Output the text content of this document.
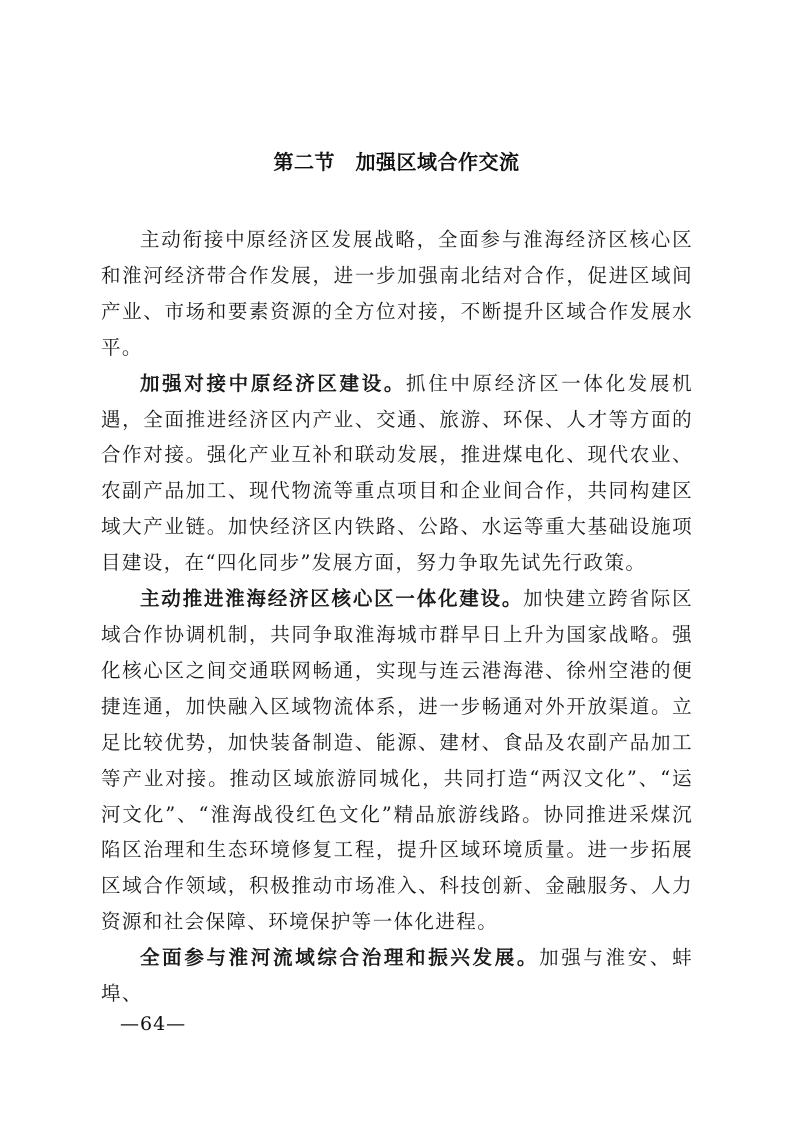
第二节　加强区域合作交流

主动衔接中原经济区发展战略，全面参与淮海经济区核心区和淮河经济带合作发展，进一步加强南北结对合作，促进区域间产业、市场和要素资源的全方位对接，不断提升区域合作发展水平。

加强对接中原经济区建设。抓住中原经济区一体化发展机遇，全面推进经济区内产业、交通、旅游、环保、人才等方面的合作对接。强化产业互补和联动发展，推进煤电化、现代农业、农副产品加工、现代物流等重点项目和企业间合作，共同构建区域大产业链。加快经济区内铁路、公路、水运等重大基础设施项目建设，在“四化同步”发展方面，努力争取先试先行政策。

主动推进淮海经济区核心区一体化建设。加快建立跨省际区域合作协调机制，共同争取淮海城市群早日上升为国家战略。强化核心区之间交通联网畅通，实现与连云港海港、徐州空港的便捷连通，加快融入区域物流体系，进一步畅通对外开放渠道。立足比较优势，加快装备制造、能源、建材、食品及农副产品加工等产业对接。推动区域旅游同城化，共同打造“两汉文化”、“运河文化”、“淮海战役红色文化”精品旅游线路。协同推进采煤沉陷区治理和生态环境修复工程，提升区域环境质量。进一步拓展区域合作领域，积极推动市场准入、科技创新、金融服务、人力资源和社会保障、环境保护等一体化进程。

全面参与淮河流域综合治理和振兴发展。加强与淮安、蚌埠、

—64—
